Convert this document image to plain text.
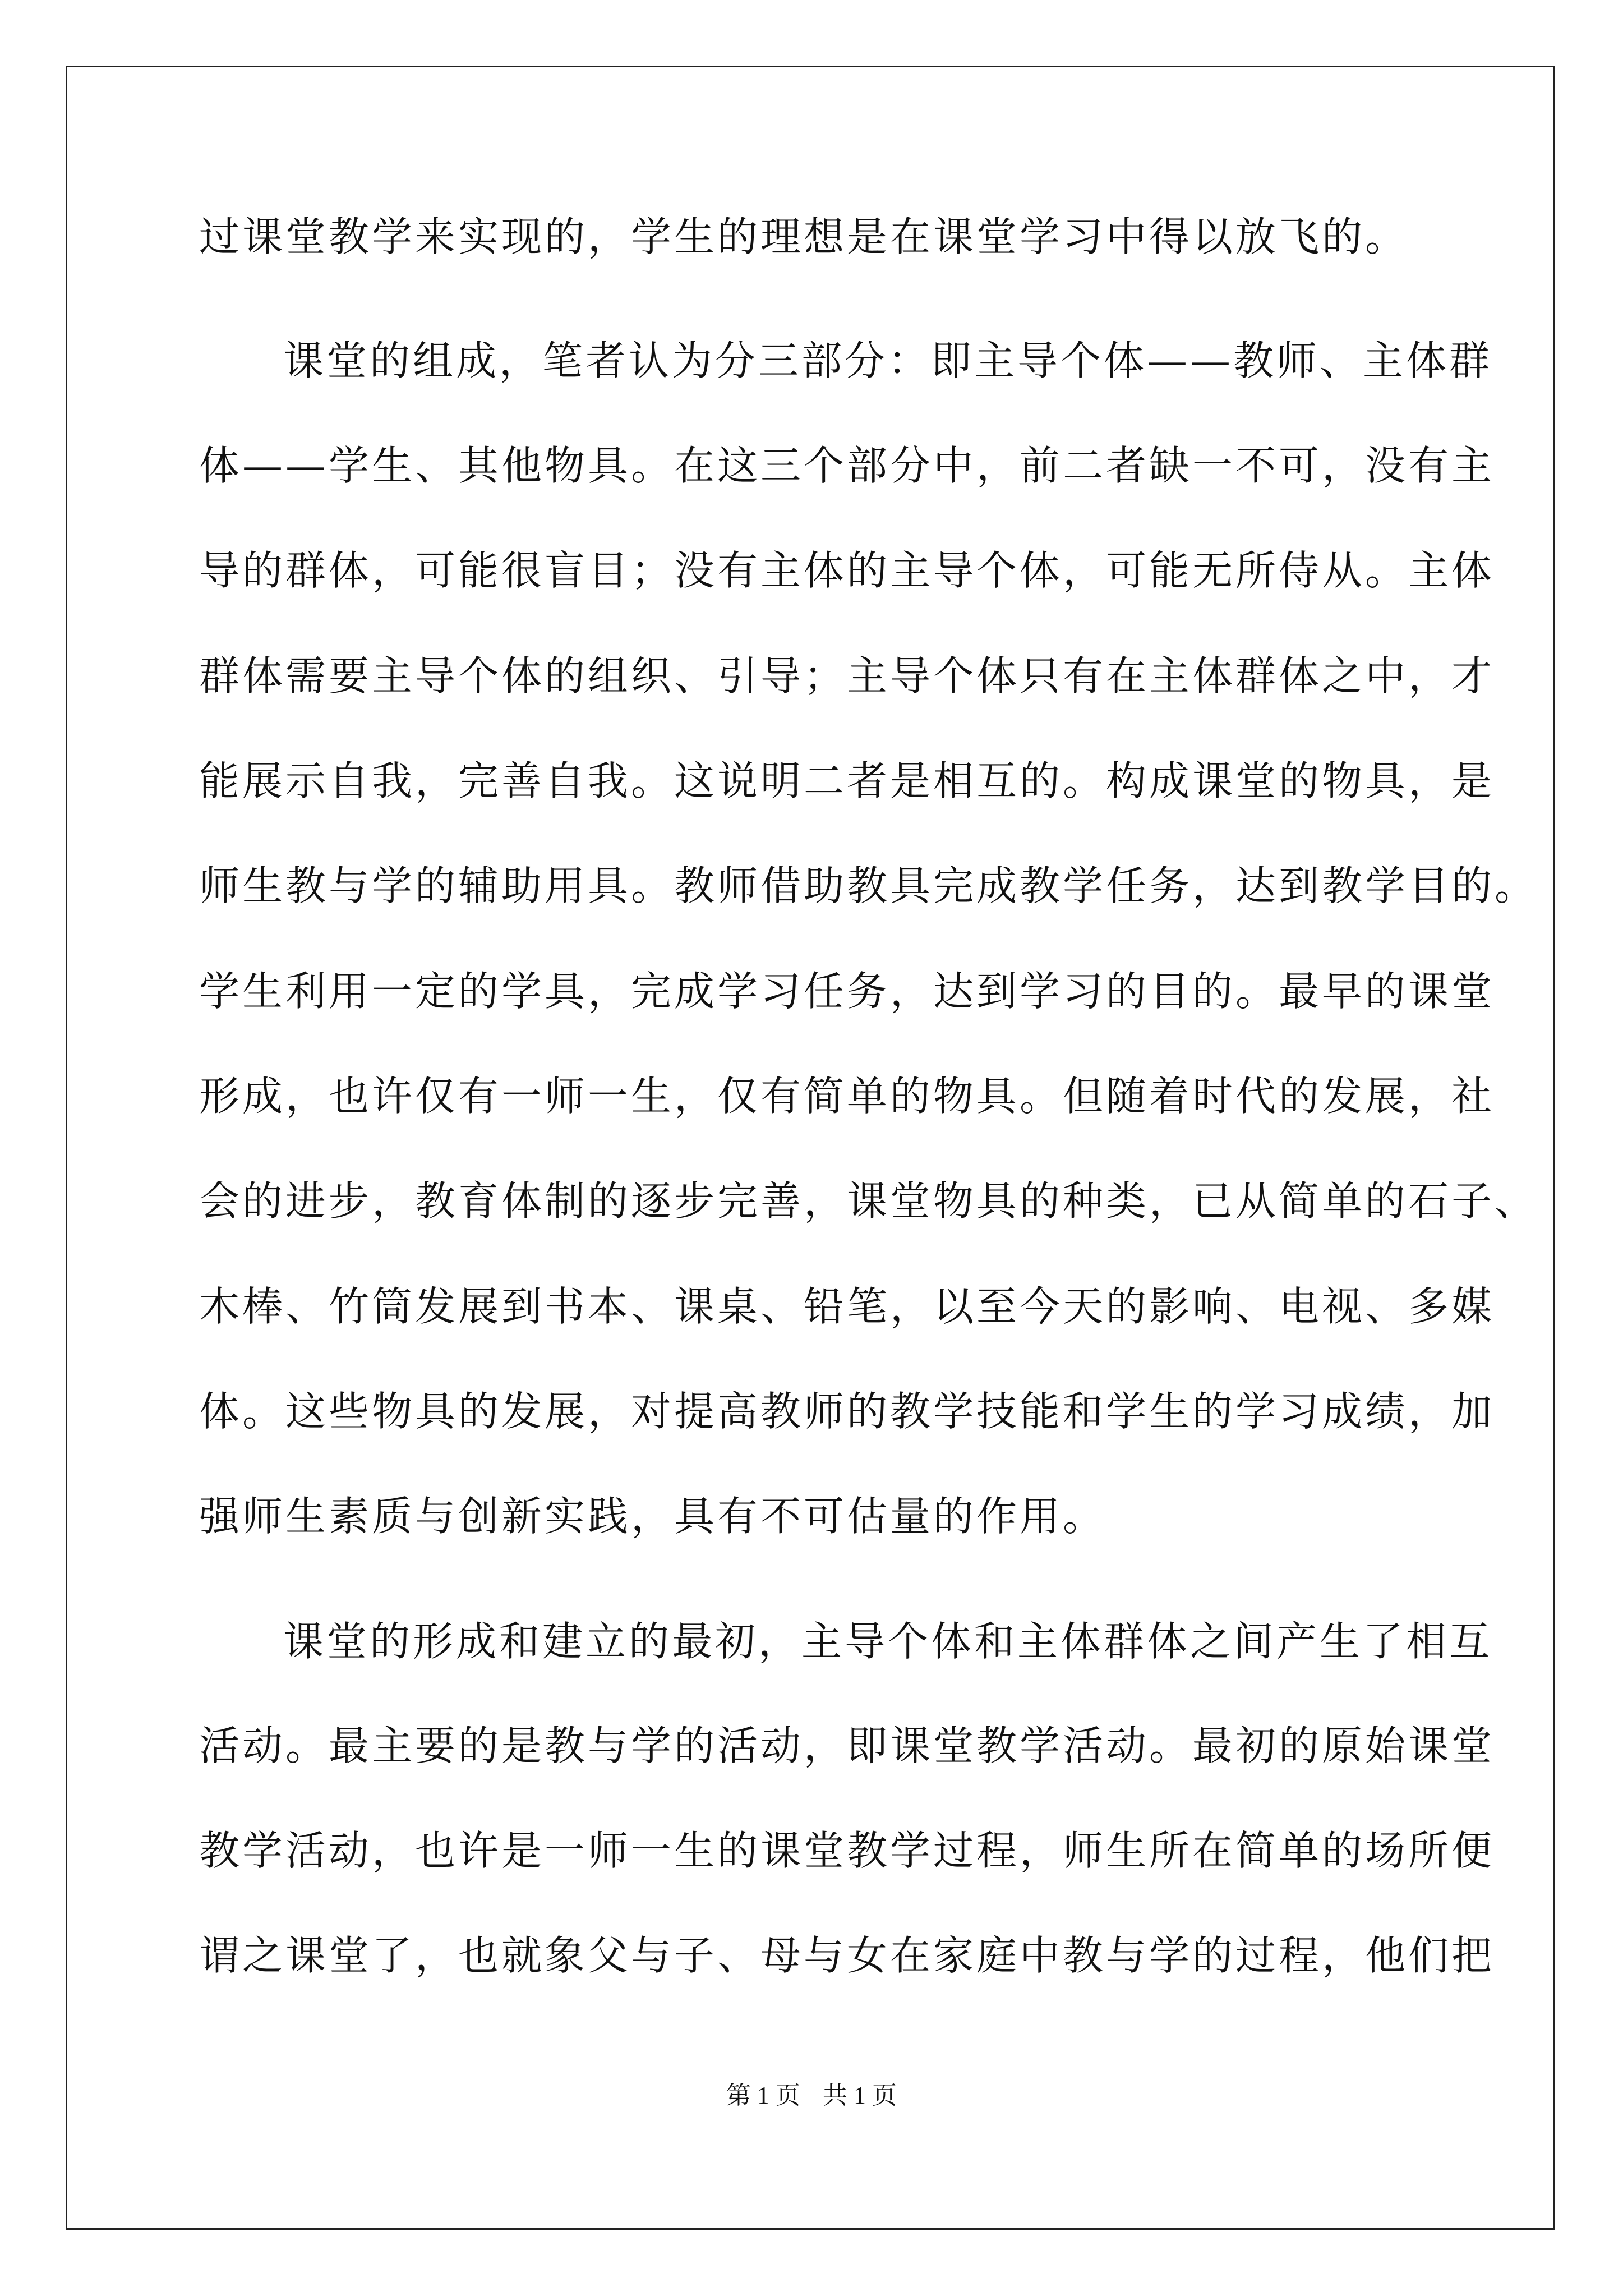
过课堂教学来实现的，学生的理想是在课堂学习中得以放飞的。
课堂的组成，笔者认为分三部分：即主导个体——教师、主体群
体——学生、其他物具。在这三个部分中，前二者缺一不可，没有主
导的群体，可能很盲目；没有主体的主导个体，可能无所侍从。主体
群体需要主导个体的组织、引导；主导个体只有在主体群体之中，才
能展示自我，完善自我。这说明二者是相互的。构成课堂的物具，是
师生教与学的辅助用具。教师借助教具完成教学任务，达到教学目的。
学生利用一定的学具，完成学习任务，达到学习的目的。最早的课堂
形成，也许仅有一师一生，仅有简单的物具。但随着时代的发展，社
会的进步，教育体制的逐步完善，课堂物具的种类，已从简单的石子、
木棒、竹筒发展到书本、课桌、铅笔，以至今天的影响、电视、多媒
体。这些物具的发展，对提高教师的教学技能和学生的学习成绩，加
强师生素质与创新实践，具有不可估量的作用。
课堂的形成和建立的最初，主导个体和主体群体之间产生了相互
活动。最主要的是教与学的活动，即课堂教学活动。最初的原始课堂
教学活动，也许是一师一生的课堂教学过程，师生所在简单的场所便
谓之课堂了，也就象父与子、母与女在家庭中教与学的过程，他们把
第 1 页 共 1 页
